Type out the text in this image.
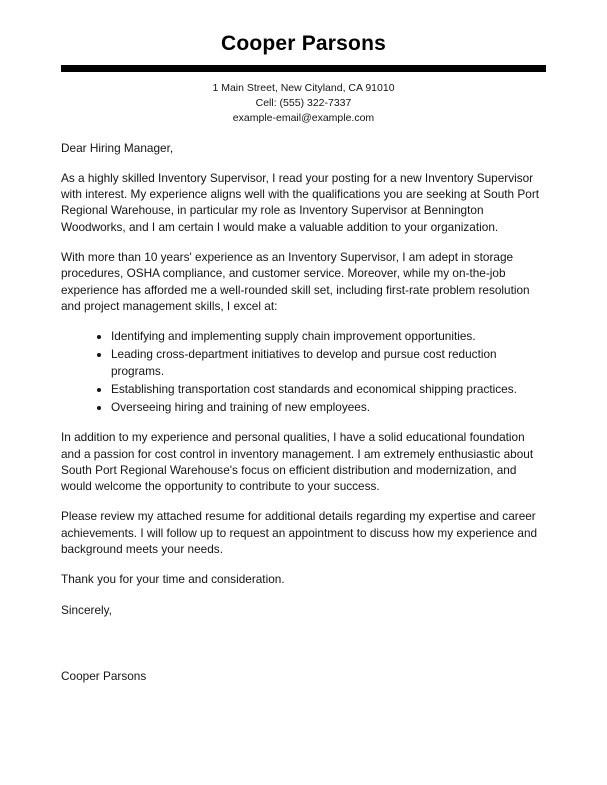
Cooper Parsons
1 Main Street, New Cityland, CA 91010
Cell: (555) 322-7337
example-email@example.com

Dear Hiring Manager,

As a highly skilled Inventory Supervisor, I read your posting for a new Inventory Supervisor with interest. My experience aligns well with the qualifications you are seeking at South Port Regional Warehouse, in particular my role as Inventory Supervisor at Bennington Woodworks, and I am certain I would make a valuable addition to your organization.

With more than 10 years' experience as an Inventory Supervisor, I am adept in storage procedures, OSHA compliance, and customer service. Moreover, while my on-the-job experience has afforded me a well-rounded skill set, including first-rate problem resolution and project management skills, I excel at:

• Identifying and implementing supply chain improvement opportunities.
• Leading cross-department initiatives to develop and pursue cost reduction programs.
• Establishing transportation cost standards and economical shipping practices.
• Overseeing hiring and training of new employees.

In addition to my experience and personal qualities, I have a solid educational foundation and a passion for cost control in inventory management. I am extremely enthusiastic about South Port Regional Warehouse's focus on efficient distribution and modernization, and would welcome the opportunity to contribute to your success.

Please review my attached resume for additional details regarding my expertise and career achievements. I will follow up to request an appointment to discuss how my experience and background meets your needs.

Thank you for your time and consideration.

Sincerely,

Cooper Parsons
